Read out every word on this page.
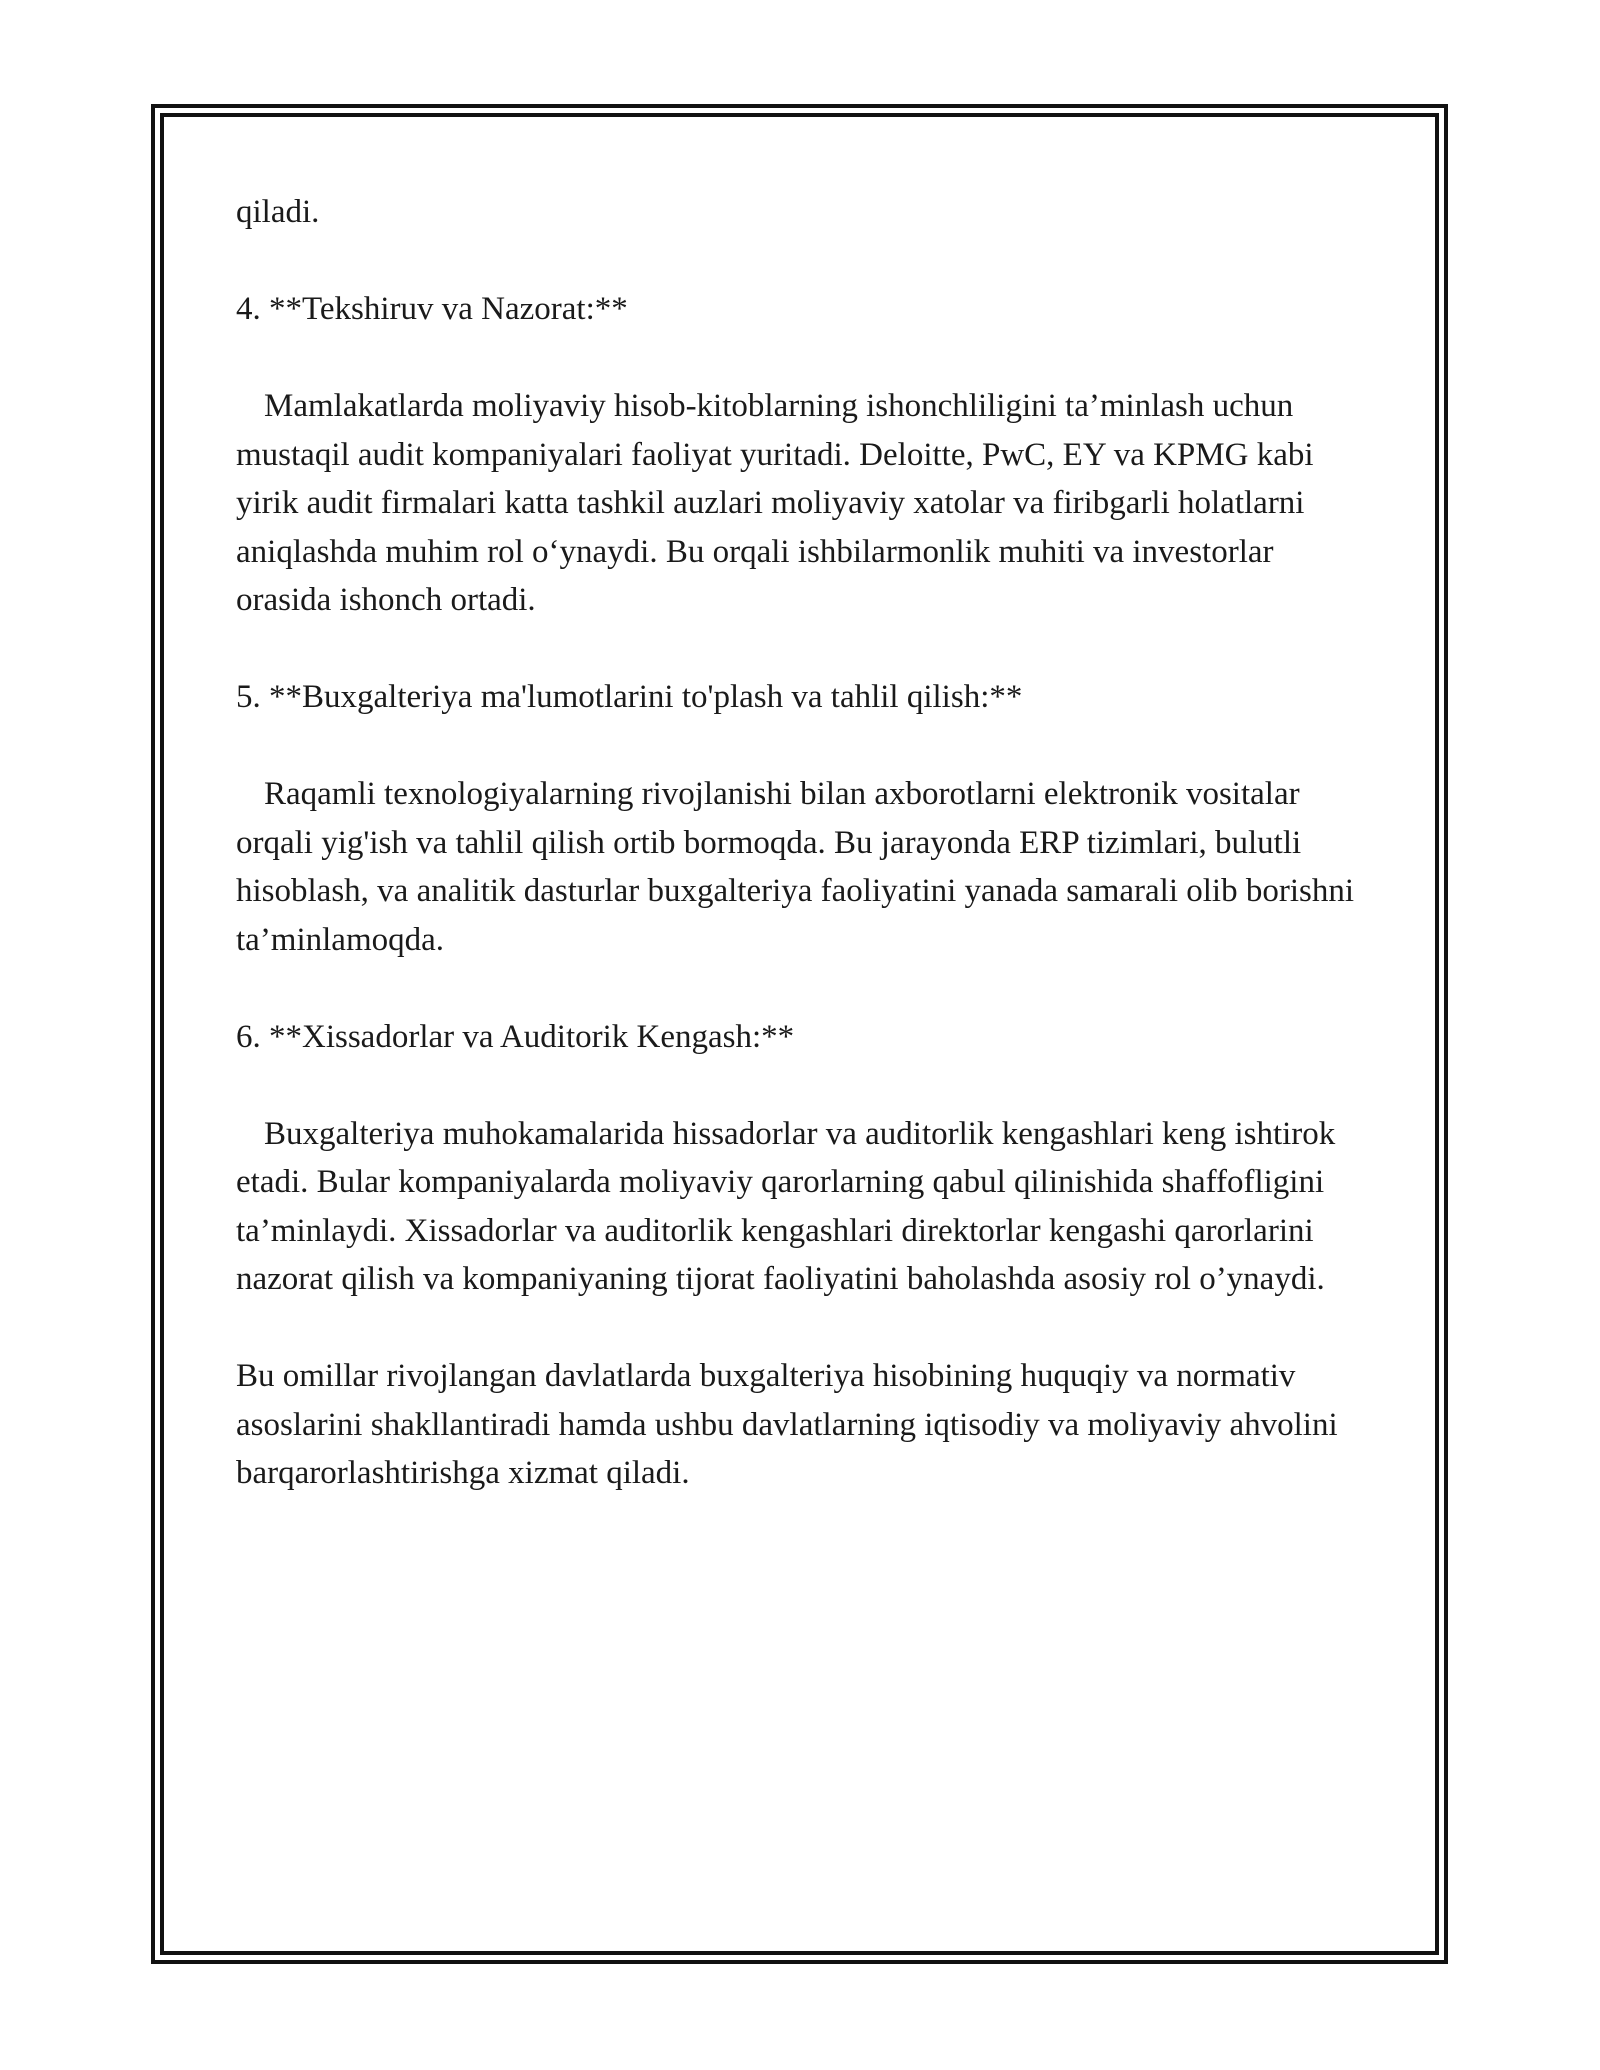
qiladi.

4. **Tekshiruv va Nazorat:**

Mamlakatlarda moliyaviy hisob-kitoblarning ishonchliligini ta’minlash uchun mustaqil audit kompaniyalari faoliyat yuritadi. Deloitte, PwC, EY va KPMG kabi yirik audit firmalari katta tashkil auzlari moliyaviy xatolar va firibgarli holatlarni aniqlashda muhim rol o‘ynaydi. Bu orqali ishbilarmonlik muhiti va investorlar orasida ishonch ortadi.

5. **Buxgalteriya ma'lumotlarini to'plash va tahlil qilish:**

Raqamli texnologiyalarning rivojlanishi bilan axborotlarni elektronik vositalar orqali yig'ish va tahlil qilish ortib bormoqda. Bu jarayonda ERP tizimlari, bulutli hisoblash, va analitik dasturlar buxgalteriya faoliyatini yanada samarali olib borishni ta’minlamoqda.

6. **Xissadorlar va Auditorik Kengash:**

Buxgalteriya muhokamalarida hissadorlar va auditorlik kengashlari keng ishtirok etadi. Bular kompaniyalarda moliyaviy qarorlarning qabul qilinishida shaffofligini ta’minlaydi. Xissadorlar va auditorlik kengashlari direktorlar kengashi qarorlarini nazorat qilish va kompaniyaning tijorat faoliyatini baholashda asosiy rol o’ynaydi.

Bu omillar rivojlangan davlatlarda buxgalteriya hisobining huquqiy va normativ asoslarini shakllantiradi hamda ushbu davlatlarning iqtisodiy va moliyaviy ahvolini barqarorlashtirishga xizmat qiladi.
